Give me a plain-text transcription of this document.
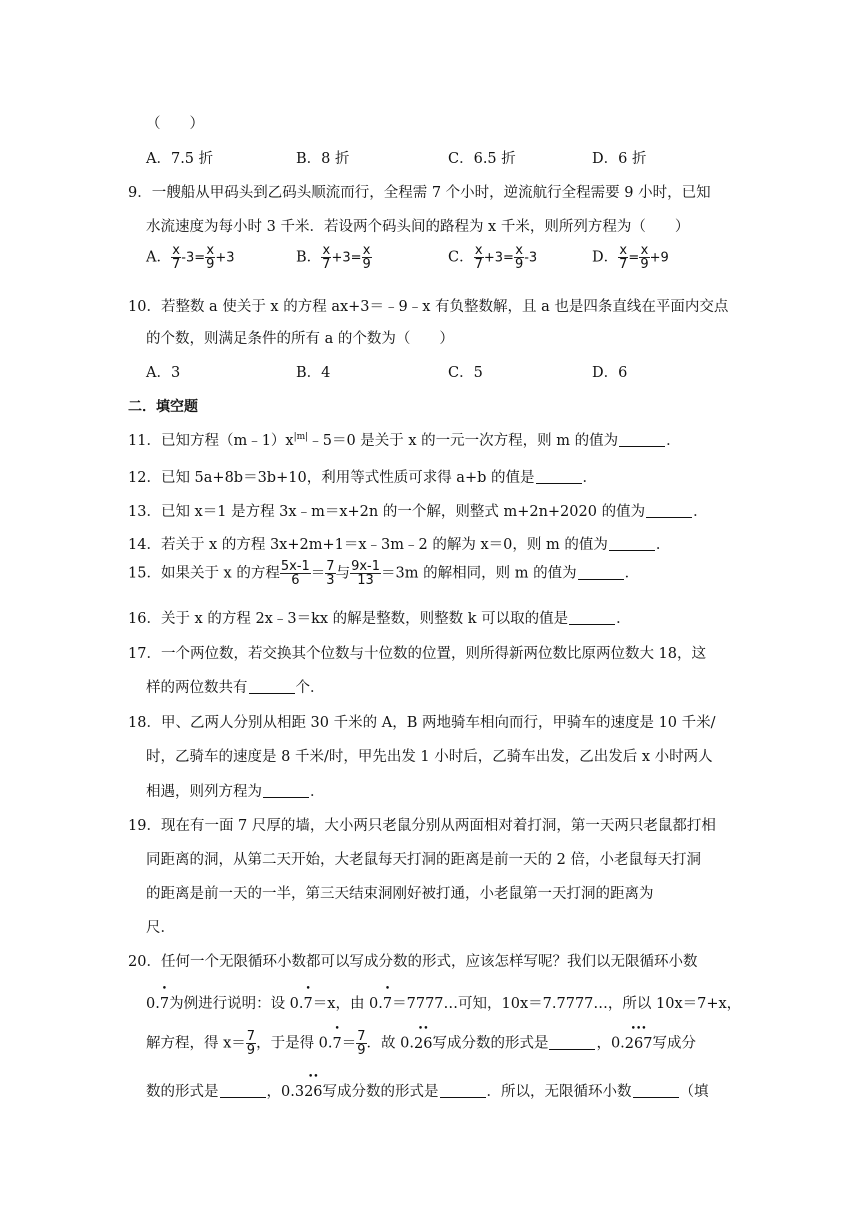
（　　）
A．7.5 折	B．8 折	C．6.5 折	D．6 折
9．一艘船从甲码头到乙码头顺流而行，全程需 7 个小时，逆流航行全程需要 9 小时，已知
水流速度为每小时 3 千米．若设两个码头间的路程为 x 千米，则所列方程为（　　）
A． $\frac{x}{7} -3= \frac{x}{9} +3$	B． $\frac{x}{7} +3= \frac{x}{9}$	C． $\frac{x}{7} +3= \frac{x}{9} -3$	D． $\frac{x}{7} = \frac{x}{9} +9$
10．若整数 a 使关于 x 的方程 ax+3＝﹣9﹣x 有负整数解，且 a 也是四条直线在平面内交点
的个数，则满足条件的所有 a 的个数为（　　）
A．3	B．4	C．5	D．6
二．填空题
11．已知方程$(m﹣1)x^{|m|}﹣5=0$ 是关于 x 的一元一次方程，则 m 的值为	．
12．已知 5a+8b＝3b+10，利用等式性质可求得 a+b 的值是	．
13．已知 x＝1 是方程 3x﹣m＝x+2n 的一个解，则整式 m+2n+2020 的值为	．
14．若关于 x 的方程 3x+2m+1＝x﹣3m﹣2 的解为 x＝0，则 m 的值为	．
15．如果关于 x 的方程 $\frac{5x-1}{6} = \frac{7}{3}$ 与 $\frac{9x-1}{13} =3m$ 的解相同，则 m 的值为	．
16．关于 x 的方程 2x﹣3＝kx 的解是整数，则整数 k 可以取的值是	．
17．一个两位数，若交换其个位数与十位数的位置，则所得新两位数比原两位数大 18，这
样的两位数共有	个．
18．甲、乙两人分别从相距 30 千米的 A，B 两地骑车相向而行，甲骑车的速度是 10 千米/
时，乙骑车的速度是 8 千米/时，甲先出发 1 小时后，乙骑车出发，乙出发后 x 小时两人
相遇，则列方程为	．
19．现在有一面 7 尺厚的墙，大小两只老鼠分别从两面相对着打洞，第一天两只老鼠都打相
同距离的洞，从第二天开始，大老鼠每天打洞的距离是前一天的 2 倍，小老鼠每天打洞
的距离是前一天的一半，第三天结束洞刚好被打通，小老鼠第一天打洞的距离为
尺．
20．任何一个无限循环小数都可以写成分数的形式，应该怎样写呢？我们以无限循环小数
0.• 7为例进行说明：设 0.• 7＝x，由 0.• 7＝7777…可知，10x＝7.7777…，所以 10x＝7+x，
解方程，得 $x= \frac{7}{9}$ ，于是得 0.• $7= \frac{7}{9}$ ．故 0.•• 26写成分数的形式是	，0.••• 267写成分
数的形式是	，0.3•• 26写成分数的形式是	．所以，无限循环小数	（填
